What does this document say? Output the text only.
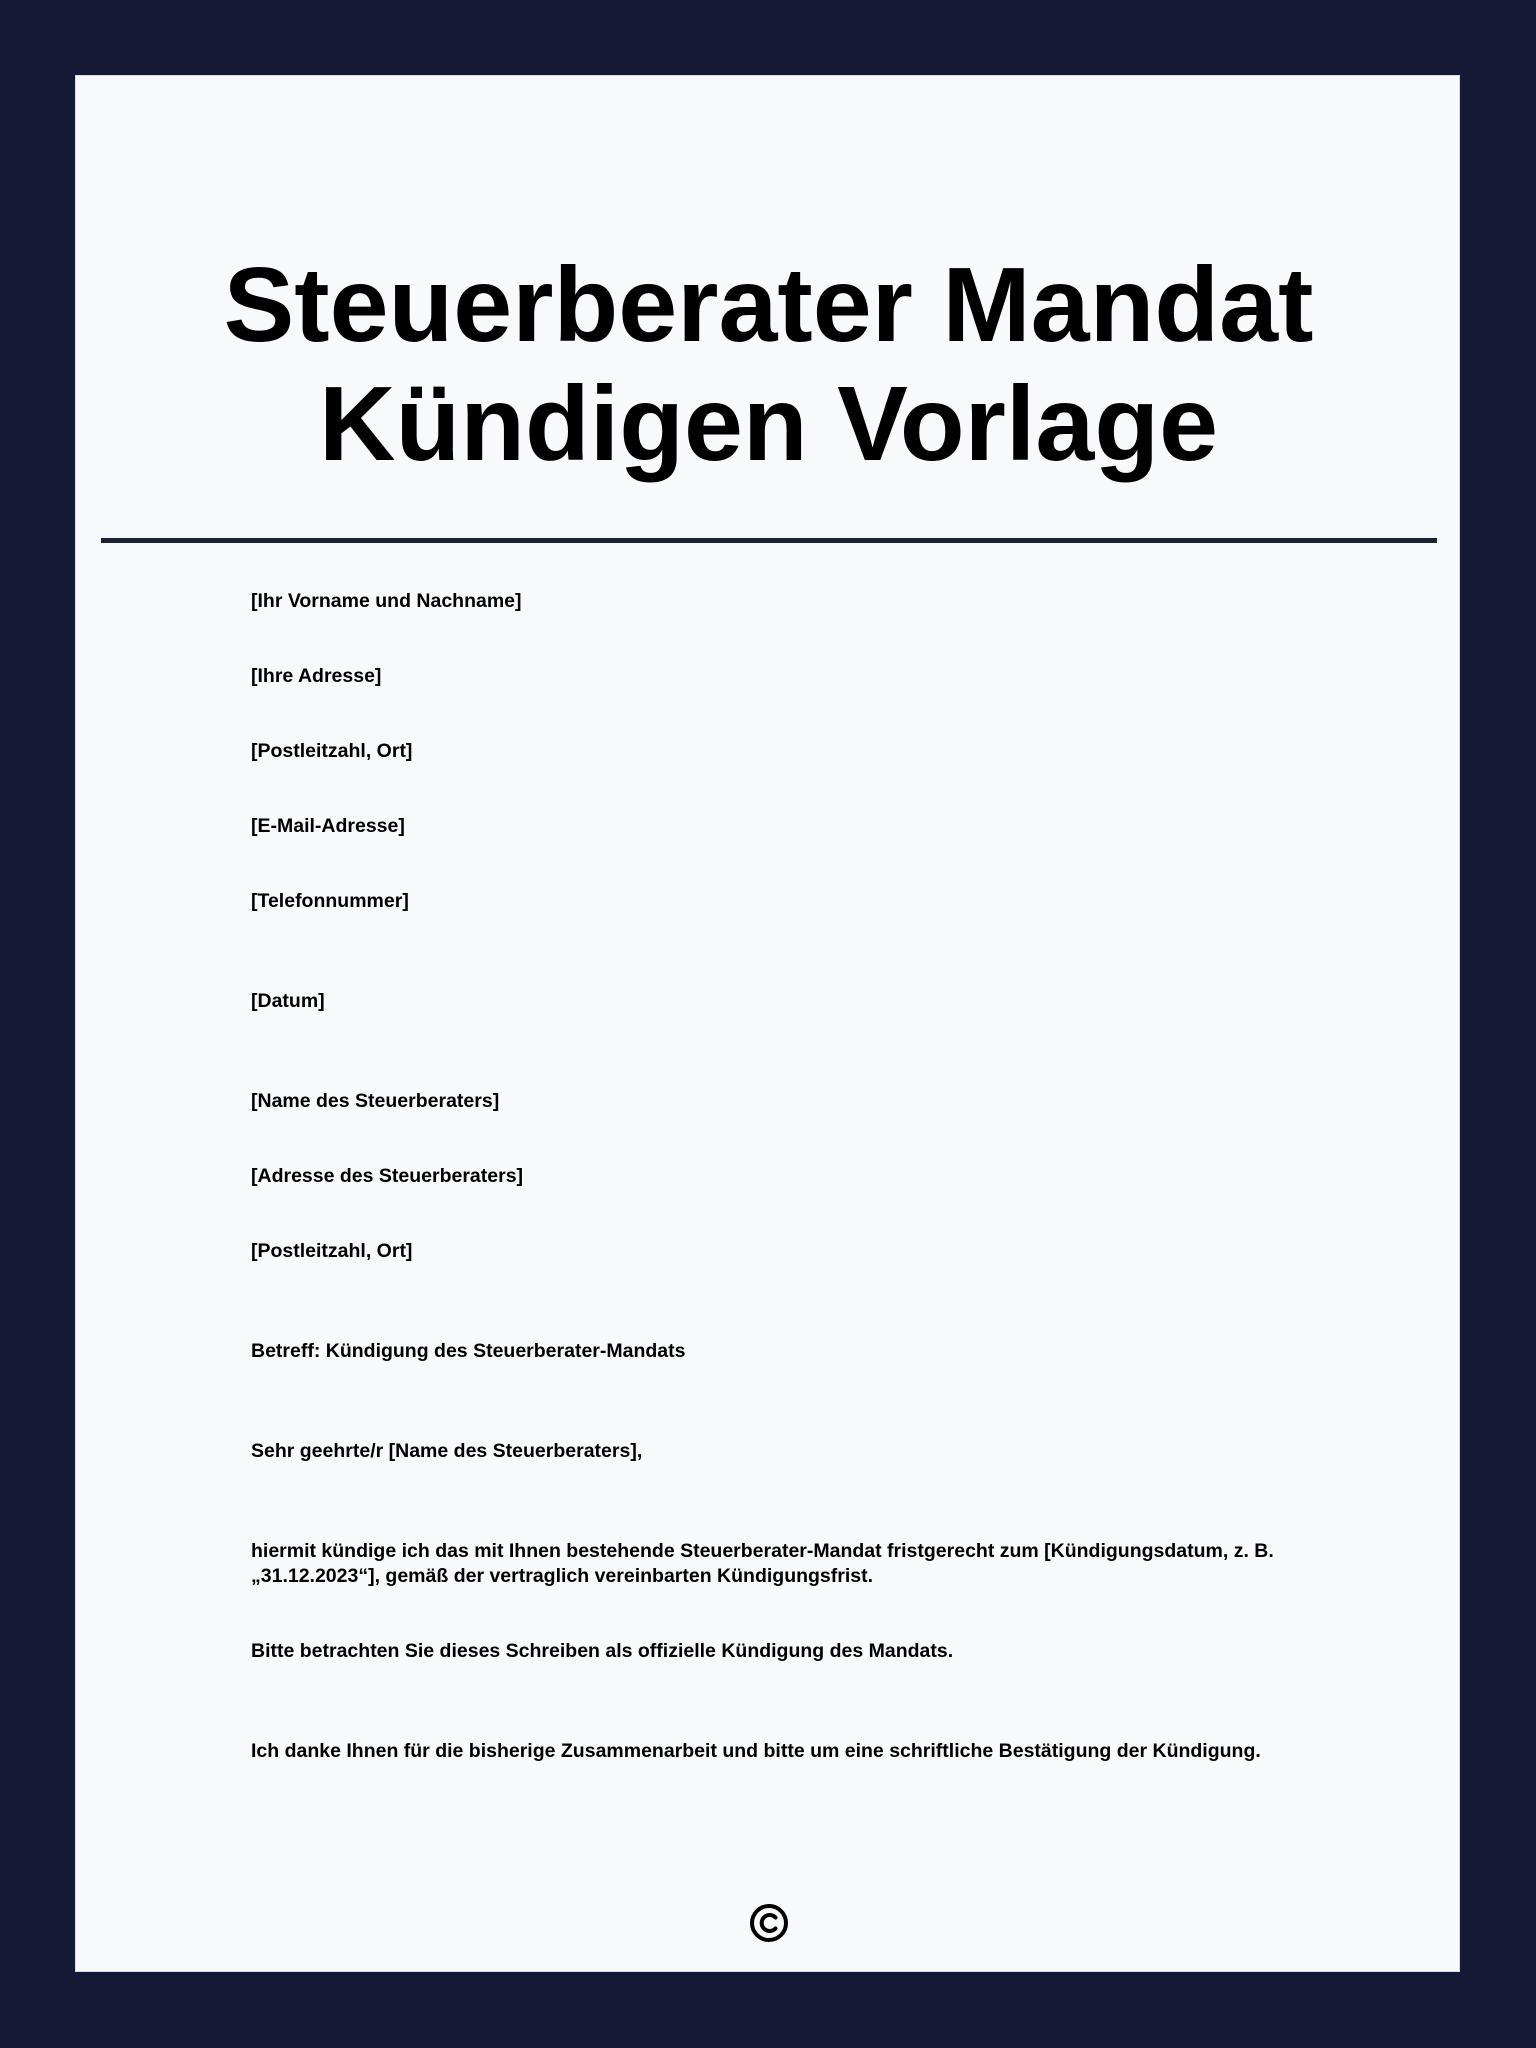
Steuerberater Mandat
Kündigen Vorlage

[Ihr Vorname und Nachname]

[Ihre Adresse]

[Postleitzahl, Ort]

[E-Mail-Adresse]

[Telefonnummer]

[Datum]

[Name des Steuerberaters]

[Adresse des Steuerberaters]

[Postleitzahl, Ort]

Betreff: Kündigung des Steuerberater-Mandats

Sehr geehrte/r [Name des Steuerberaters],

hiermit kündige ich das mit Ihnen bestehende Steuerberater-Mandat fristgerecht zum [Kündigungsdatum, z. B. „31.12.2023“], gemäß der vertraglich vereinbarten Kündigungsfrist.

Bitte betrachten Sie dieses Schreiben als offizielle Kündigung des Mandats.

Ich danke Ihnen für die bisherige Zusammenarbeit und bitte um eine schriftliche Bestätigung der Kündigung.
